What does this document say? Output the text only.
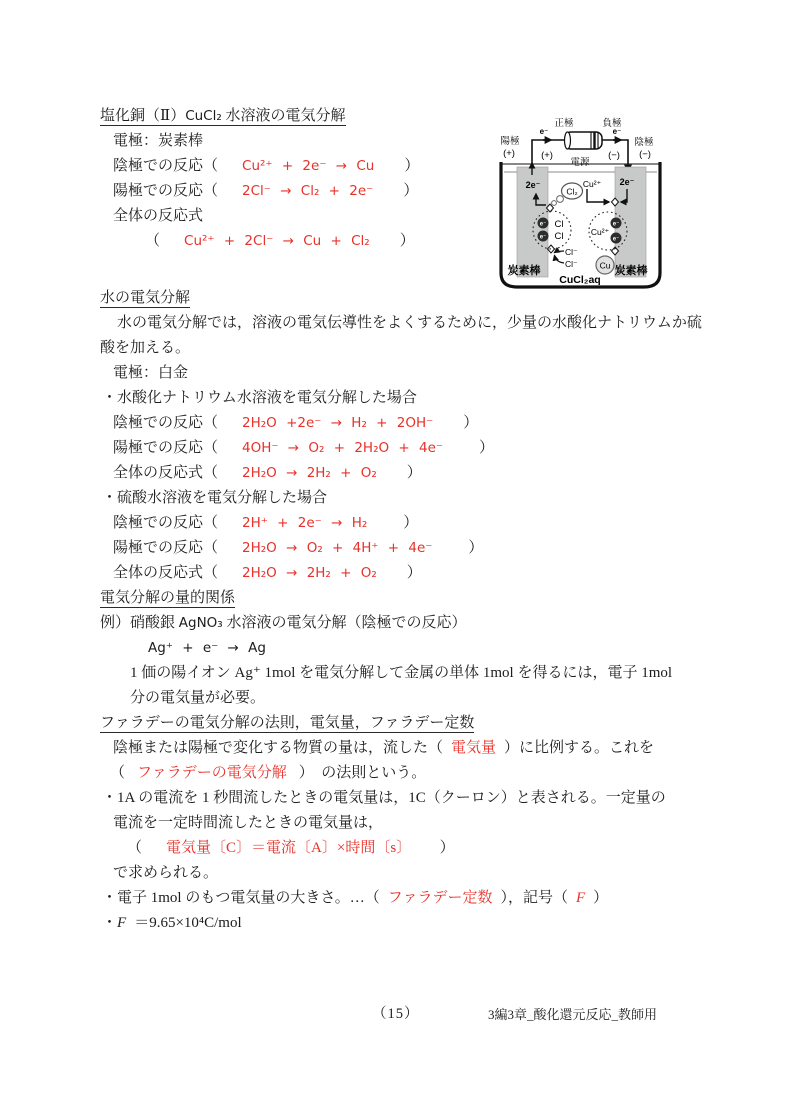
塩化銅（Ⅱ）CuCl₂ 水溶液の電気分解
電極：炭素棒
陰極での反応（ Cu²⁺ + 2e⁻ → Cu ）
陽極での反応（ 2Cl⁻ → Cl₂ + 2e⁻ ）
全体の反応式
（ Cu²⁺ + 2Cl⁻ → Cu + Cl₂ ）
水の電気分解
水の電気分解では，溶液の電気伝導性をよくするために，少量の水酸化ナトリウムか硫
酸を加える。
電極：白金
・水酸化ナトリウム水溶液を電気分解した場合
陰極での反応（ 2H₂O +2e⁻ → H₂ + 2OH⁻ ）
陽極での反応（ 4OH⁻ → O₂ + 2H₂O + 4e⁻ ）
全体の反応式（ 2H₂O → 2H₂ + O₂ ）
・硫酸水溶液を電気分解した場合
陰極での反応（ 2H⁺ + 2e⁻ → H₂ ）
陽極での反応（ 2H₂O → O₂ + 4H⁺ + 4e⁻ ）
全体の反応式（ 2H₂O → 2H₂ + O₂ ）
電気分解の量的関係
例）硝酸銀 AgNO₃ 水溶液の電気分解（陰極での反応）
Ag⁺ + e⁻ → Ag
1 価の陽イオン Ag⁺ 1mol を電気分解して金属の単体 1mol を得るには，電子 1mol
分の電気量が必要。
ファラデーの電気分解の法則，電気量，ファラデー定数
陰極または陽極で変化する物質の量は，流した（ 電気量 ）に比例する。これを
（ ファラデーの電気分解 ）　の法則という。
・1A の電流を 1 秒間流したときの電気量は，1C（クーロン）と表される。一定量の
電流を一定時間流したときの電気量は，
（ 電気量〔C〕＝電流〔A〕×時間〔s〕 ）
で求められる。
・電子 1mol のもつ電気量の大きさ。…（ ファラデー定数 ），記号（ F ）
・F ＝9.65×10⁴C/mol
正極	負極
e⁻	e⁻
陽極
(+)	(+)	(−)
陰極
(−)
電源
2e⁻	2e⁻
Cu²⁺
Cl₂
e⁻
e⁻
Cl
Cl	Cu²⁺
e⁻
e⁻
Cl⁻
Cl⁻	Cu
炭素棒	炭素棒
CuCl₂aq
（15）	3編3章_酸化還元反応_教師用
